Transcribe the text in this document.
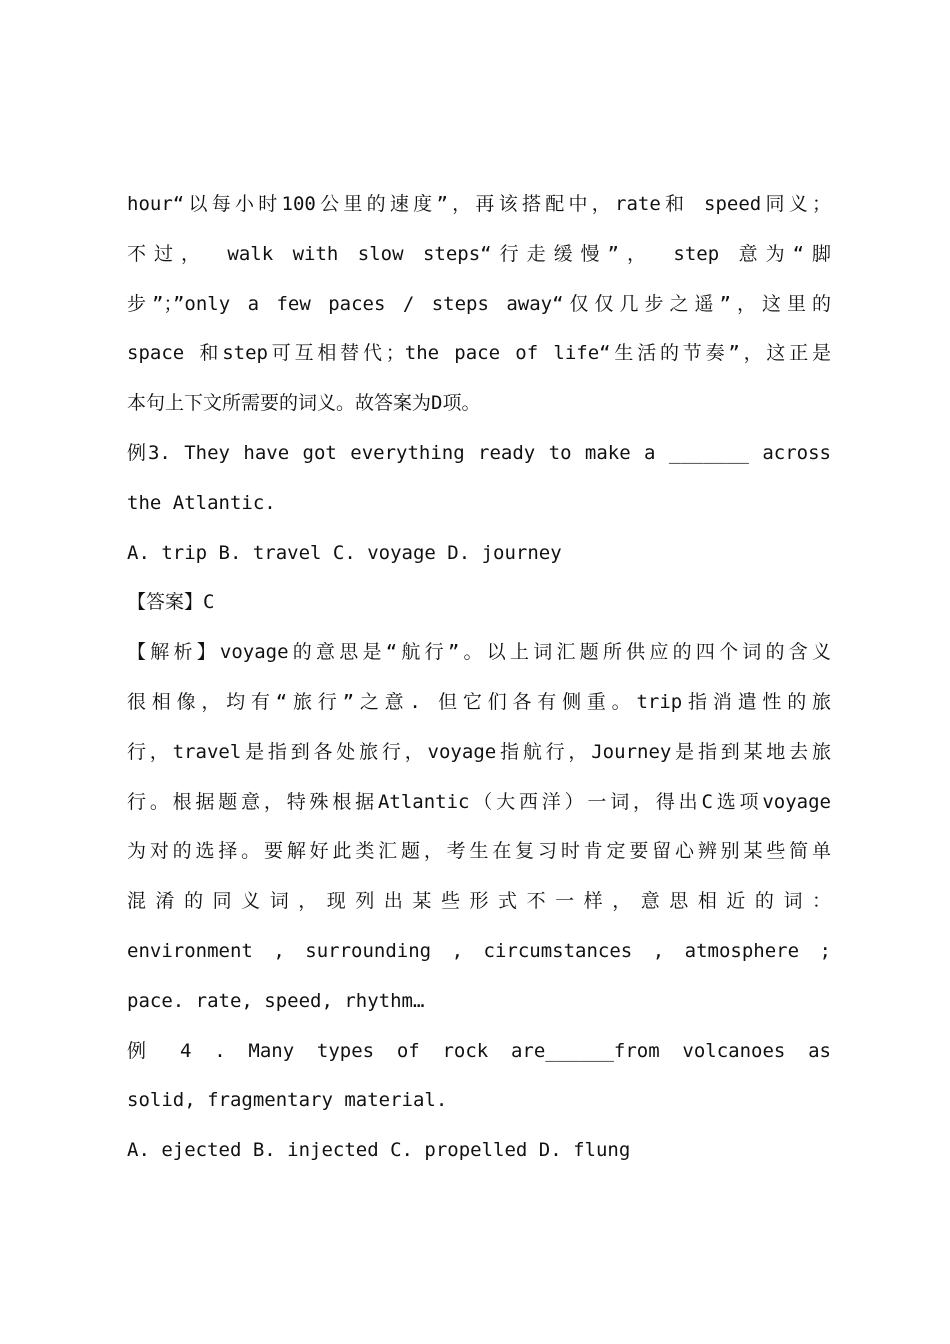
hour“以每小时100公里的速度”，再该搭配中，rate和 speed同义；
不过， walk with slow steps“行走缓慢”， step 意为“脚
步”；”only a few paces / steps away“仅仅几步之遥”，这里的
space 和step可互相替代；the pace of life“生活的节奏”，这正是
本句上下文所需要的词义。故答案为D项。
例3. They have got everything ready to make a _______ across
the Atlantic.
A. trip B. travel C. voyage D. journey
【答案】C
【解析】voyage的意思是“航行”。以上词汇题所供应的四个词的含义
很相像，均有“旅行”之意. 但它们各有侧重。trip指消遣性的旅
行，travel是指到各处旅行，voyage指航行，Journey是指到某地去旅
行。根据题意，特殊根据Atlantic（大西洋）一词，得出C选项voyage
为对的选择。要解好此类汇题，考生在复习时肯定要留心辨别某些简单
混淆的同义词，现列出某些形式不一样，意思相近的词：
environment , surrounding , circumstances , atmosphere ;
pace. rate, speed, rhythm…
例 4 . Many types of rock are______from volcanoes as
solid, fragmentary material.
A. ejected B. injected C. propelled D. flung
